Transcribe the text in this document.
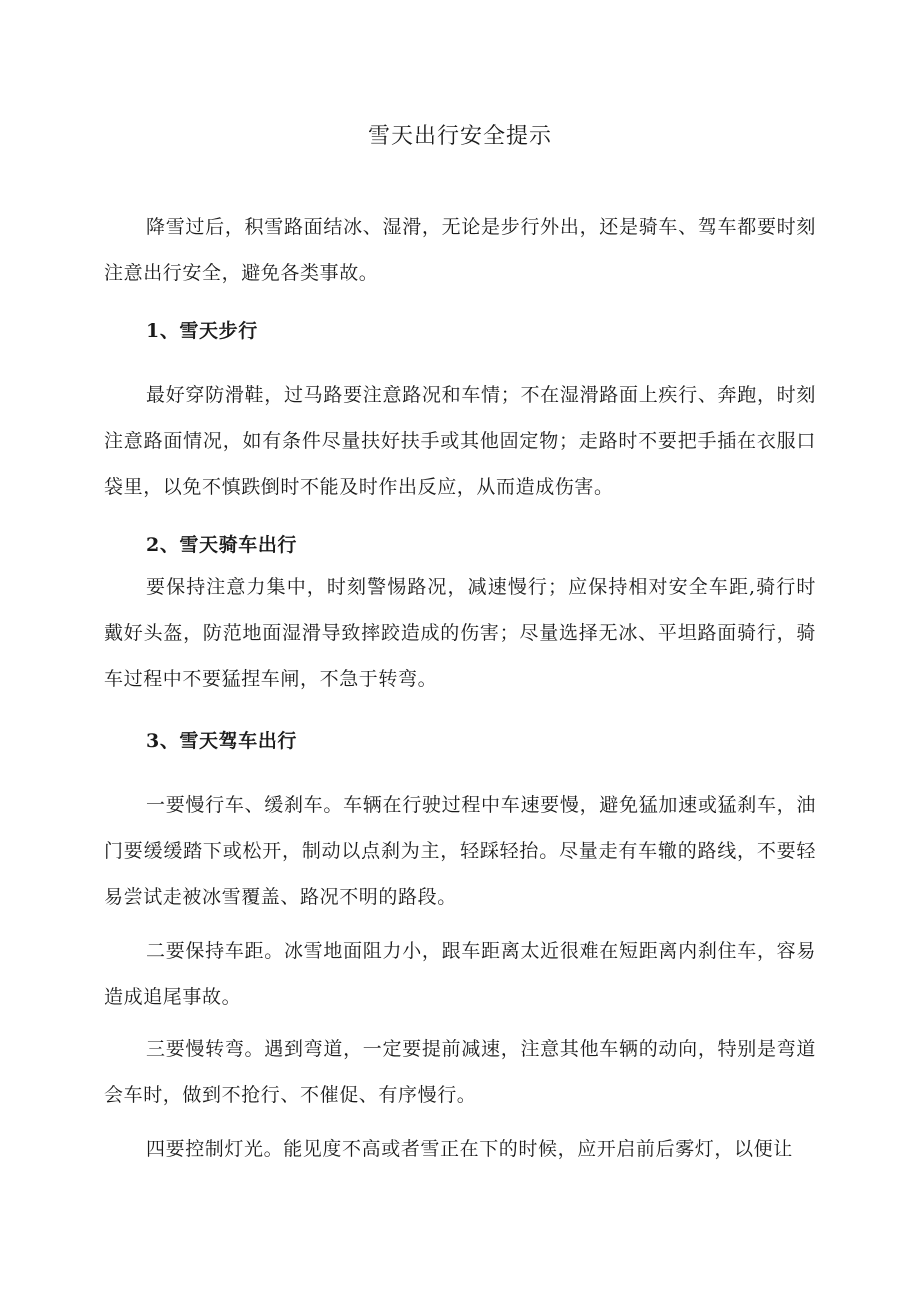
雪天出行安全提示
降雪过后，积雪路面结冰、湿滑，无论是步行外出，还是骑车、驾车都要时刻注意出行安全，避免各类事故。
1、雪天步行
最好穿防滑鞋，过马路要注意路况和车情；不在湿滑路面上疾行、奔跑，时刻注意路面情况，如有条件尽量扶好扶手或其他固定物；走路时不要把手插在衣服口袋里，以免不慎跌倒时不能及时作出反应，从而造成伤害。
2、雪天骑车出行
要保持注意力集中，时刻警惕路况，减速慢行；应保持相对安全车距,骑行时戴好头盔，防范地面湿滑导致摔跤造成的伤害；尽量选择无冰、平坦路面骑行，骑车过程中不要猛捏车闸，不急于转弯。
3、雪天驾车出行
一要慢行车、缓刹车。车辆在行驶过程中车速要慢，避免猛加速或猛刹车，油门要缓缓踏下或松开，制动以点刹为主，轻踩轻抬。尽量走有车辙的路线，不要轻易尝试走被冰雪覆盖、路况不明的路段。
二要保持车距。冰雪地面阻力小，跟车距离太近很难在短距离内刹住车，容易造成追尾事故。
三要慢转弯。遇到弯道，一定要提前减速，注意其他车辆的动向，特别是弯道会车时，做到不抢行、不催促、有序慢行。
四要控制灯光。能见度不高或者雪正在下的时候，应开启前后雾灯，以便让
